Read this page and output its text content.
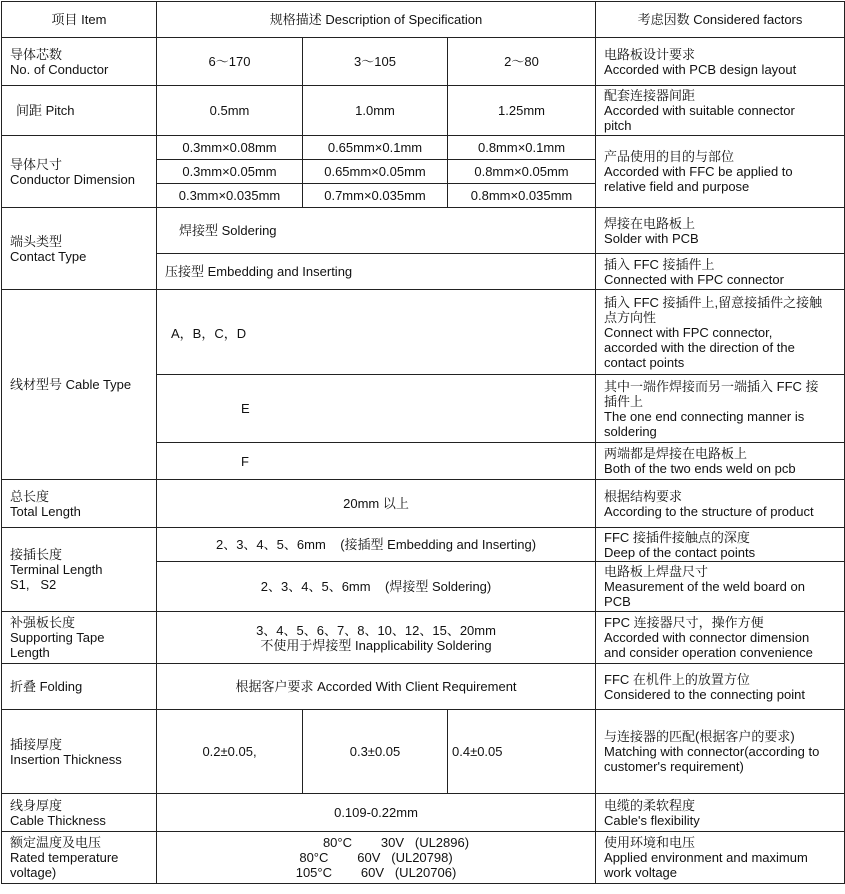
项目 Item	规格描述 Description of Specification			考虑因数 Considered factors

导体芯数
No. of Conductor	6～170	3～105	2～80	电路板设计要求
Accorded with PCB design layout

间距 Pitch	0.5mm	1.0mm	1.25mm	配套连接器间距
Accorded with suitable connector
pitch

导体尺寸
Conductor Dimension	0.3mm×0.08mm	0.65mm×0.1mm	0.8mm×0.1mm	产品使用的目的与部位
Accorded with FFC be applied to
relative field and purpose

	0.3mm×0.05mm	0.65mm×0.05mm	0.8mm×0.05mm	
	0.3mm×0.035mm	0.7mm×0.035mm	0.8mm×0.035mm	

端头类型
Contact Type	焊接型 Soldering			焊接在电路板上
Solder with PCB

	压接型 Embedding and Inserting			插入 FFC 接插件上
Connected with FPC connector

线材型号 Cable Type	A，B，C，D			插入 FFC 接插件上,留意接插件之接触
点方向性
Connect with FPC connector,
accorded with the direction of the
contact points

	E			其中一端作焊接而另一端插入 FFC 接
插件上
The one end connecting manner is
soldering

	F			两端都是焊接在电路板上
Both of the two ends weld on pcb

总长度
Total Length	20mm 以上			根据结构要求
According to the structure of product

接插长度
Terminal Length
S1,   S2	2、3、4、5、6mm    (接插型 Embedding and Inserting)			FFC 接插件接触点的深度
Deep of the contact points

	2、3、4、5、6mm    (焊接型 Soldering)			电路板上焊盘尺寸
Measurement of the weld board on
PCB

补强板长度
Supporting Tape
Length	3、4、5、6、7、8、10、12、15、20mm
不使用于焊接型 Inapplicability Soldering			FPC 连接器尺寸，操作方便
Accorded with connector dimension
and consider operation convenience

折叠 Folding	根据客户要求 Accorded With Client Requirement			FFC 在机件上的放置方位
Considered to the connecting point

插接厚度
Insertion Thickness	0.2±0.05,	0.3±0.05	0.4±0.05	与连接器的匹配(根据客户的要求)
Matching with connector(according to
customer's requirement)

线身厚度
Cable Thickness	0.109-0.22mm			电缆的柔软程度
Cable's flexibility

额定温度及电压
Rated temperature
voltage)	80°C        30V   (UL2896)
80°C        60V   (UL20798)
105°C        60V   (UL20706)			使用环境和电压
Applied environment and maximum
work voltage
